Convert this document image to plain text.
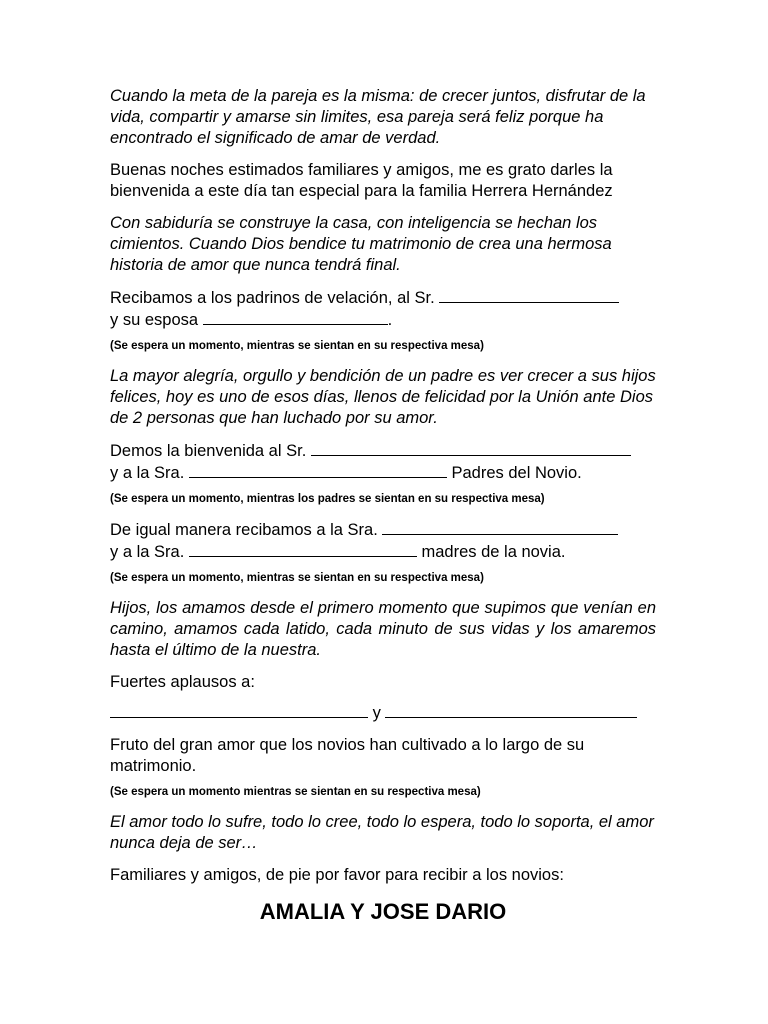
Cuando la meta de la pareja es la misma: de crecer juntos, disfrutar de la vida, compartir y amarse sin limites, esa pareja será feliz porque ha encontrado el significado de amar de verdad.

Buenas noches estimados familiares y amigos, me es grato darles la bienvenida a este día tan especial para la familia Herrera Hernández

Con sabiduría se construye la casa, con inteligencia se hechan los cimientos. Cuando Dios bendice tu matrimonio de crea una hermosa historia de amor que nunca tendrá final.

Recibamos a los padrinos de velación, al Sr.

y su esposa	.

(Se espera un momento, mientras se sientan en su respectiva mesa)

La mayor alegría, orgullo y bendición de un padre es ver crecer a sus hijos felices, hoy es uno de esos días, llenos de felicidad por la Unión ante Dios de 2 personas que han luchado por su amor.

Demos la bienvenida al Sr.

y a la Sra.	Padres del Novio.

(Se espera un momento, mientras los padres se sientan en su respectiva mesa)

De igual manera recibamos a la Sra.

y a la Sra.	madres de la novia.

(Se espera un momento, mientras se sientan en su respectiva mesa)

Hijos, los amamos desde el primero momento que supimos que venían en camino, amamos cada latido, cada minuto de sus vidas y los amaremos hasta el último de la nuestra.

Fuertes aplausos a:

y

Fruto del gran amor que los novios han cultivado a lo largo de su matrimonio.

(Se espera un momento mientras se sientan en su respectiva mesa)

El amor todo lo sufre, todo lo cree, todo lo espera, todo lo soporta, el amor nunca deja de ser…

Familiares y amigos, de pie por favor para recibir a los novios:

AMALIA Y JOSE DARIO
